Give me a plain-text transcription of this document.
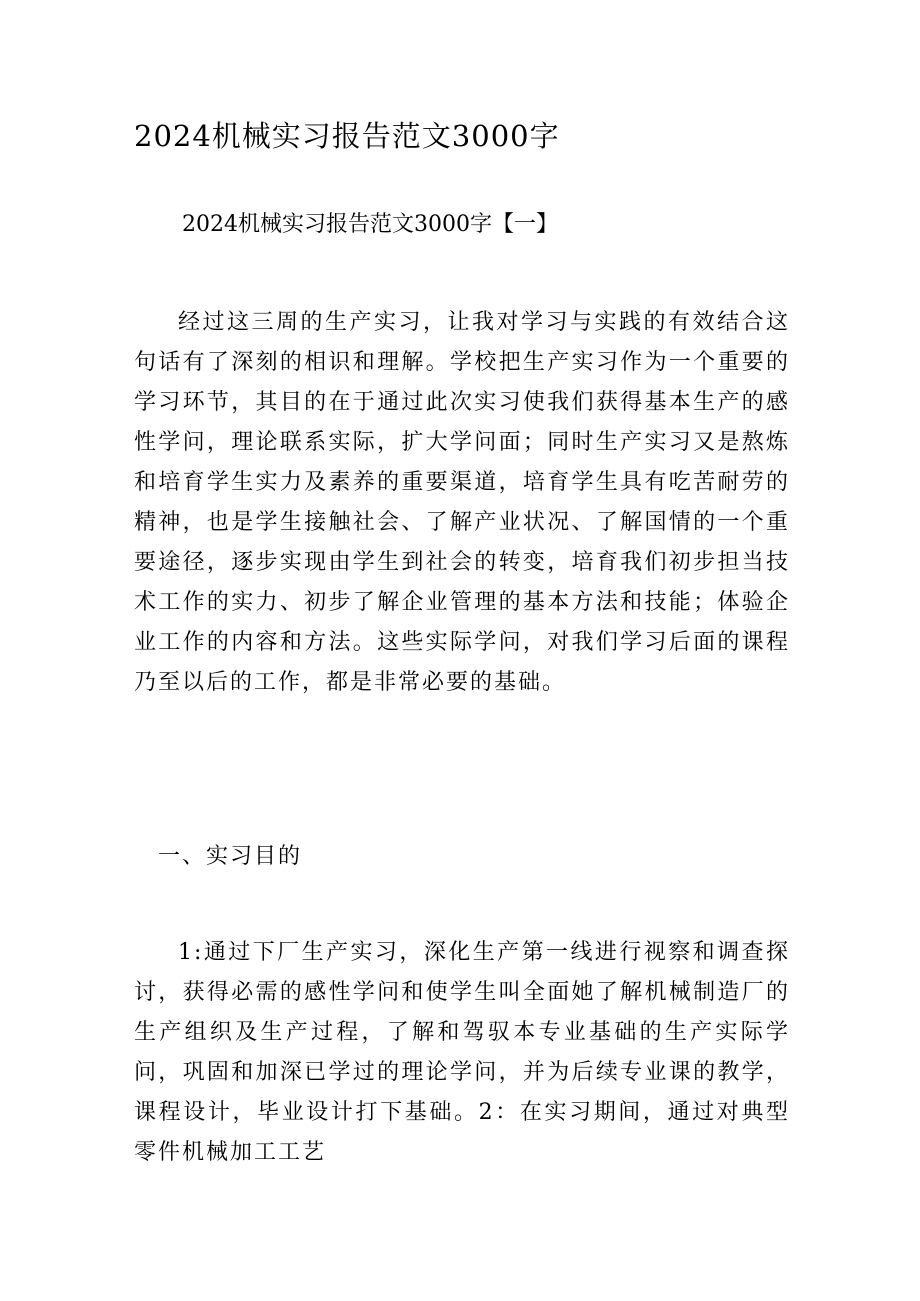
2024机械实习报告范文3000字
2024机械实习报告范文3000字【一】

经过这三周的生产实习，让我对学习与实践的有效结合这句话有了深刻的相识和理解。学校把生产实习作为一个重要的学习环节，其目的在于通过此次实习使我们获得基本生产的感性学问，理论联系实际，扩大学问面；同时生产实习又是熬炼和培育学生实力及素养的重要渠道，培育学生具有吃苦耐劳的精神，也是学生接触社会、了解产业状况、了解国情的一个重要途径，逐步实现由学生到社会的转变，培育我们初步担当技术工作的实力、初步了解企业管理的基本方法和技能；体验企业工作的内容和方法。这些实际学问，对我们学习后面的课程乃至以后的工作，都是非常必要的基础。

一、实习目的

1:通过下厂生产实习，深化生产第一线进行视察和调查探讨，获得必需的感性学问和使学生叫全面她了解机械制造厂的生产组织及生产过程，了解和驾驭本专业基础的生产实际学问，巩固和加深已学过的理论学问，并为后续专业课的教学，课程设计，毕业设计打下基础。2：在实习期间，通过对典型零件机械加工工艺
